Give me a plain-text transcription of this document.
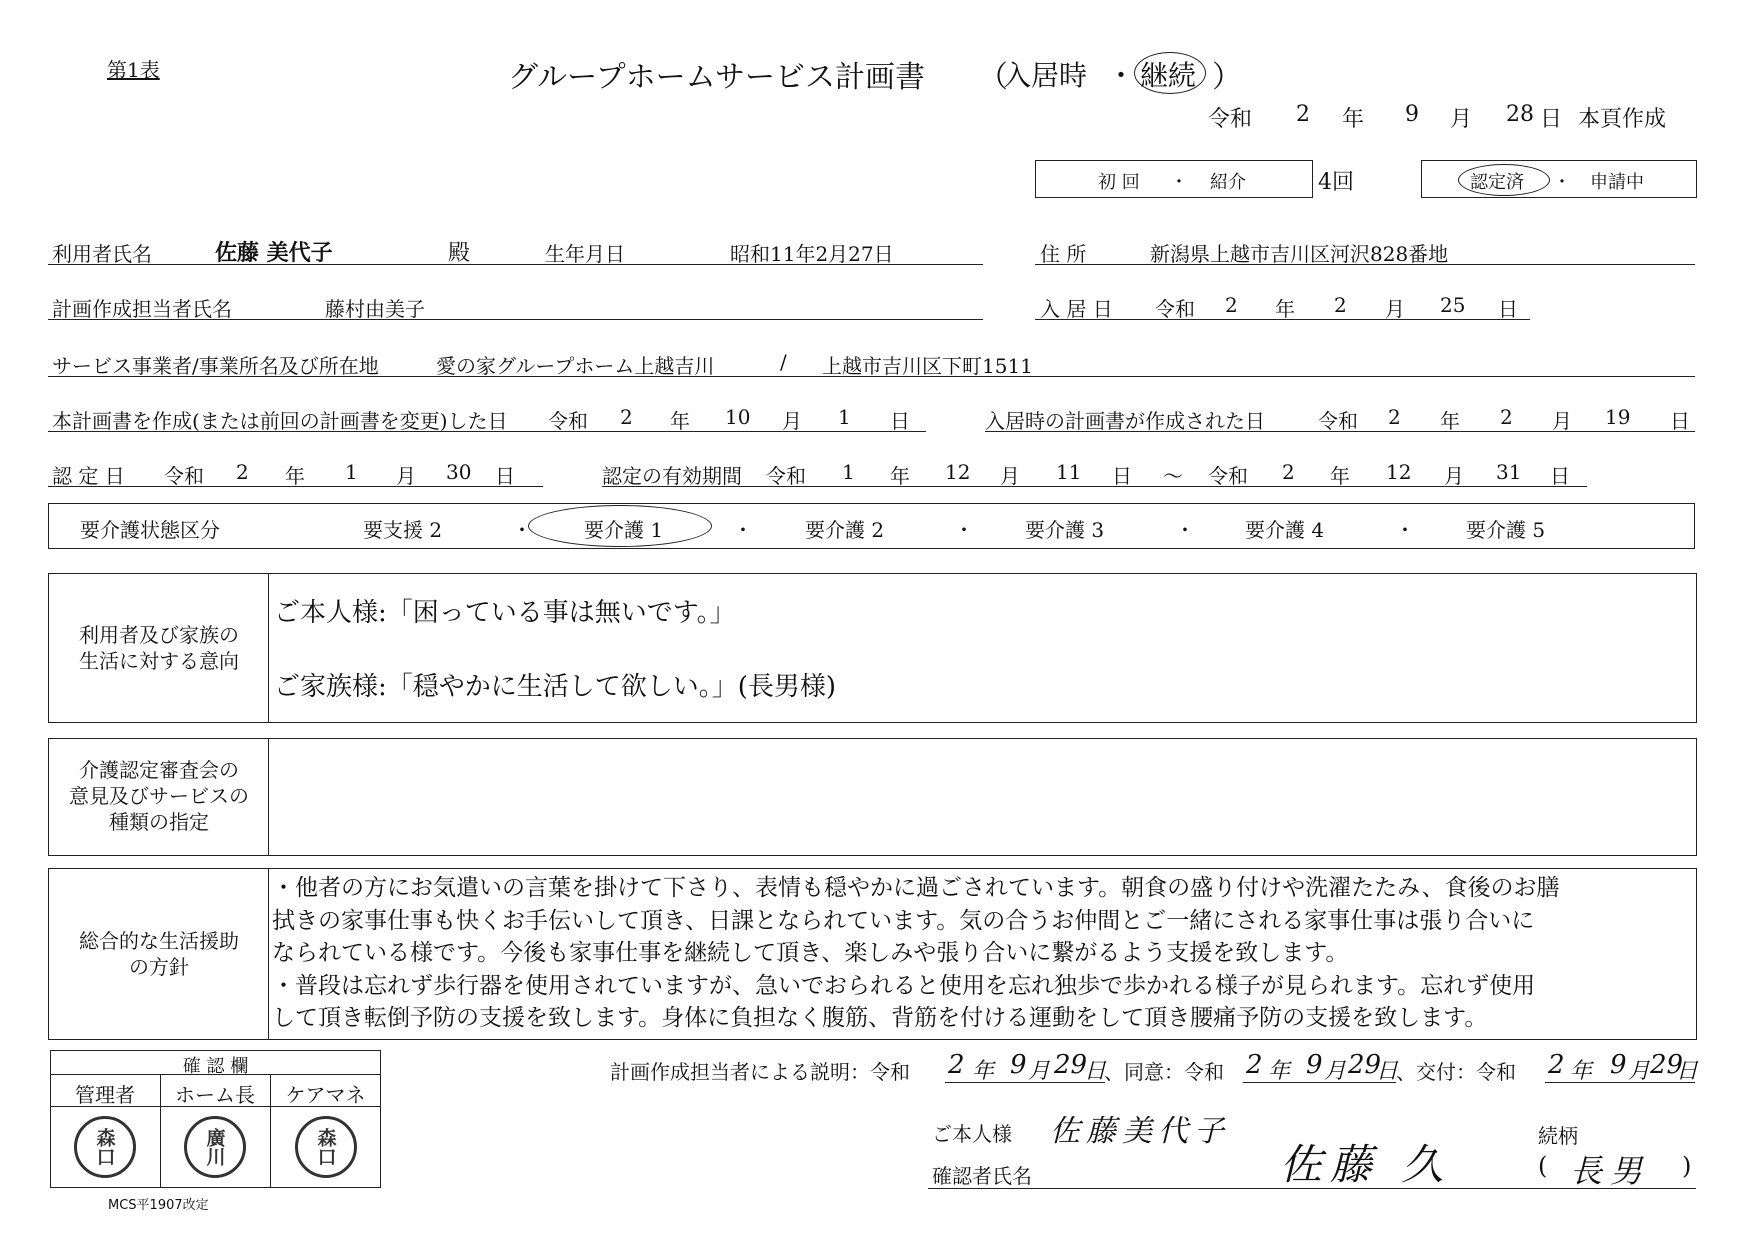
第1表	グループホームサービス計画書 （
入居時 ・ 継続 ）
令和 2 年 9 月 28 日 本頁作成
初 回 ・ 紹介	4回	認定済 ・ 申請中
利用者氏名	佐藤 美代子	殿	生年月日	昭和11年2月27日	住 所	新潟県上越市吉川区河沢828番地
計画作成担当者氏名	藤村由美子	入 居 日 令和 2 年 2 月 25 日
サービス事業者/事業所名及び所在地	愛の家グループホーム上越吉川	/ 上越市吉川区下町1511
本計画書を作成(または前回の計画書を変更)した日 令和 2 年 10 月 1 日	入居時の計画書が作成された日	令和 2 年 2 月 19 日
認 定 日 令和 2 年 1 月 30 日	認定の有効期間 令和 1 年 12 月 11 日 ～ 令和 2 年 12 月 31 日
要介護状態区分	要支援 2	・	要介護 1	・	要介護 2	・	要介護 3	・	要介護 4	・	要介護 5
利用者及び家族の
生活に対する意向
ご本人様:「困っている事は無いです。」
ご家族様:「穏やかに生活して欲しい。」(長男様)
介護認定審査会の
意見及びサービスの
種類の指定
総合的な生活援助
の方針
・他者の方にお気遣いの言葉を掛けて下さり、表情も穏やかに過ごされています。朝食の盛り付けや洗濯たたみ、食後のお膳
拭きの家事仕事も快くお手伝いして頂き、日課となられています。気の合うお仲間とご一緒にされる家事仕事は張り合いに
なられている様です。今後も家事仕事を継続して頂き、楽しみや張り合いに繋がるよう支援を致します。
・普段は忘れず歩行器を使用されていますが、急いでおられると使用を忘れ独歩で歩かれる様子が見られます。忘れず使用
して頂き転倒予防の支援を致します。身体に負担なく腹筋、背筋を付ける運動をして頂き腰痛予防の支援を致します。
確 認 欄
管理者	ホーム長	ケアマネ
森口	廣川	森口
MCS平1907改定
計画作成担当者による説明：令和 2 年 9 月 29
日
、同意：令和 2 年 9 月 29
日
、交付：令和 2 年 9 月 29
日
ご本人様 佐藤美代子
確認者氏名	佐藤 久
続柄
( 長男 )
